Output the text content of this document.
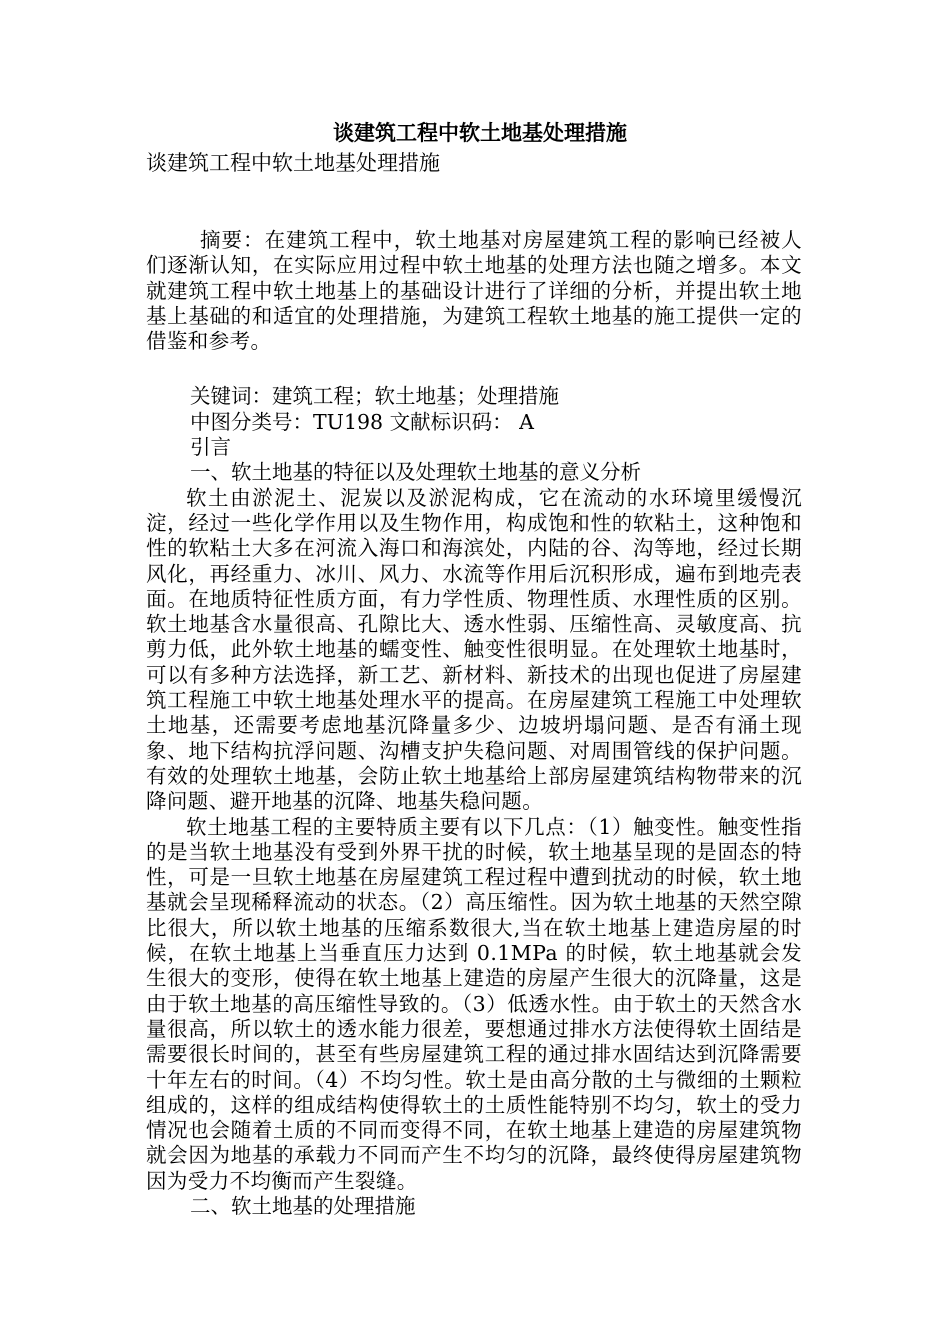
谈建筑工程中软土地基处理措施

谈建筑工程中软土地基处理措施

摘要：在建筑工程中，软土地基对房屋建筑工程的影响已经被人们逐渐认知，在实际应用过程中软土地基的处理方法也随之增多。本文就建筑工程中软土地基上的基础设计进行了详细的分析，并提出软土地基上基础的和适宜的处理措施，为建筑工程软土地基的施工提供一定的借鉴和参考。

关键词：建筑工程；软土地基；处理措施

中图分类号：TU198 文献标识码： A

引言

一、软土地基的特征以及处理软土地基的意义分析

软土由淤泥土、泥炭以及淤泥构成，它在流动的水环境里缓慢沉淀，经过一些化学作用以及生物作用，构成饱和性的软粘土，这种饱和性的软粘土大多在河流入海口和海滨处，内陆的谷、沟等地，经过长期风化，再经重力、冰川、风力、水流等作用后沉积形成，遍布到地壳表面。在地质特征性质方面，有力学性质、物理性质、水理性质的区别。软土地基含水量很高、孔隙比大、透水性弱、压缩性高、灵敏度高、抗剪力低，此外软土地基的蠕变性、触变性很明显。在处理软土地基时，可以有多种方法选择，新工艺、新材料、新技术的出现也促进了房屋建筑工程施工中软土地基处理水平的提高。在房屋建筑工程施工中处理软土地基，还需要考虑地基沉降量多少、边坡坍塌问题、是否有涌土现象、地下结构抗浮问题、沟槽支护失稳问题、对周围管线的保护问题。有效的处理软土地基，会防止软土地基给上部房屋建筑结构物带来的沉降问题、避开地基的沉降、地基失稳问题。

软土地基工程的主要特质主要有以下几点：（1）触变性。触变性指的是当软土地基没有受到外界干扰的时候，软土地基呈现的是固态的特性，可是一旦软土地基在房屋建筑工程过程中遭到扰动的时候，软土地基就会呈现稀释流动的状态。（2）高压缩性。因为软土地基的天然空隙比很大，所以软土地基的压缩系数很大,当在软土地基上建造房屋的时候，在软土地基上当垂直压力达到 0.1MPa 的时候，软土地基就会发生很大的变形，使得在软土地基上建造的房屋产生很大的沉降量，这是由于软土地基的高压缩性导致的。（3）低透水性。由于软土的天然含水量很高，所以软土的透水能力很差，要想通过排水方法使得软土固结是需要很长时间的，甚至有些房屋建筑工程的通过排水固结达到沉降需要十年左右的时间。（4）不均匀性。软土是由高分散的土与微细的土颗粒组成的，这样的组成结构使得软土的土质性能特别不均匀，软土的受力情况也会随着土质的不同而变得不同，在软土地基上建造的房屋建筑物就会因为地基的承载力不同而产生不均匀的沉降，最终使得房屋建筑物因为受力不均衡而产生裂缝。

二、软土地基的处理措施
